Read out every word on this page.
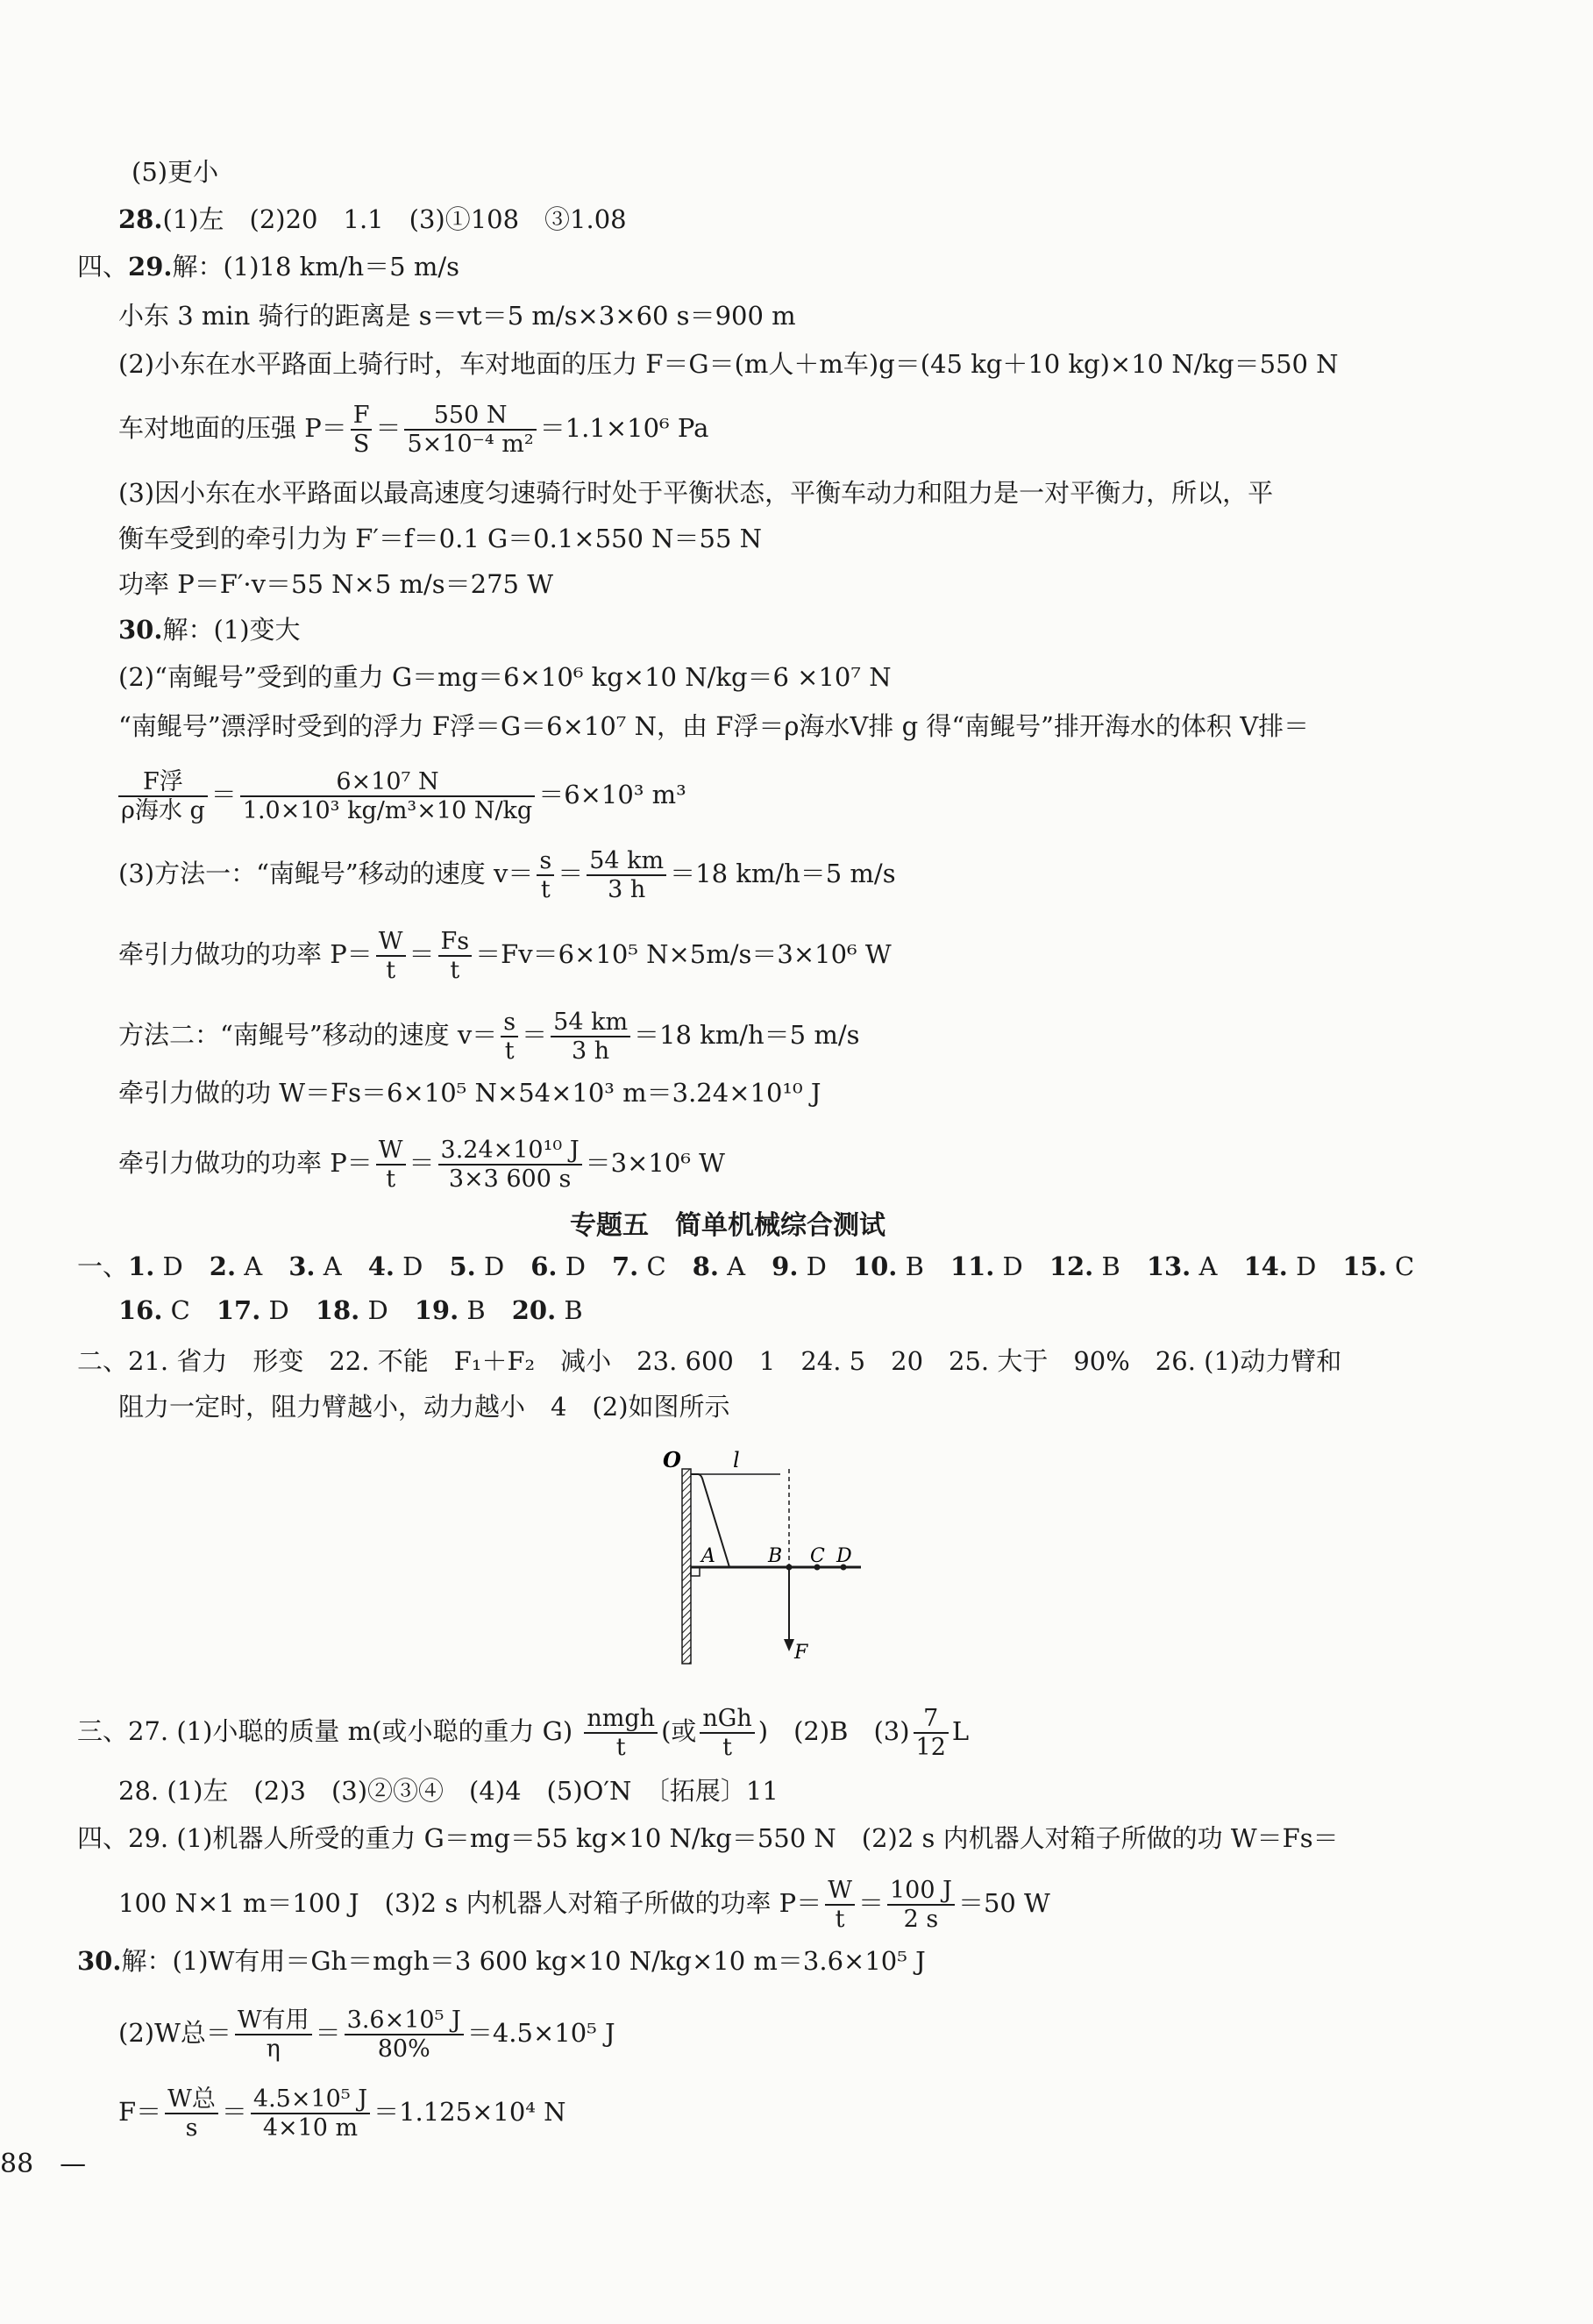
(5)更小
28.(1)左　(2)20　1.1　(3)①108　③1.08
四、29.解：(1)18 km/h＝5 m/s
小东 3 min 骑行的距离是 s＝vt＝5 m/s×3×60 s＝900 m
(2)小东在水平路面上骑行时，车对地面的压力 F＝G＝(m人＋m车)g＝(45 kg＋10 kg)×10 N/kg＝550 N
车对地面的压强 $P= \frac{F}{S} = \frac{550 N}{\text{5×10⁻⁴ m²}} =1.1\times 10^6$ Pa
(3)因小东在水平路面以最高速度匀速骑行时处于平衡状态，平衡车动力和阻力是一对平衡力，所以，平
衡车受到的牵引力为 F′＝f＝0.1 G＝0.1×550 N＝55 N
功率 P＝F′·v＝55 N×5 m/s＝275 W
30.解：(1)变大
(2)“南鲲号”受到的重力 G＝mg＝6×10⁶ kg×10 N/kg＝6 ×10⁷ N
“南鲲号”漂浮时受到的浮力 F浮＝G＝6×10⁷ N，由 F浮＝ρ海水V排 g 得“南鲲号”排开海水的体积 V排＝
$\frac{\text{F浮}}{\text{ρ海水 g}} = \frac{\text{6×10⁷ N}}{\text{1.0×10³ kg/m³×10 N/kg}} =6\times 10^3$ m³
(3)方法一：“南鲲号”移动的速度 $v= \frac{s}{t} = \frac{54 km}{3 h} =18$ km/h＝5 m/s
牵引力做功的功率 $P= \frac{W}{t} = \frac{Fs}{t} =Fv=6\times 10^5$ N×5m/s＝3×10⁶ W
方法二：“南鲲号”移动的速度 $v= \frac{s}{t} = \frac{54 km}{3 h} =18$ km/h＝5 m/s
牵引力做的功 W＝Fs＝6×10⁵ N×54×10³ m＝3.24×10¹⁰ J
牵引力做功的功率 $P= \frac{W}{t} = \frac{\text{3.24×10¹⁰ J}}{3\times 3 600 s} =3\times 10^6$ W
专题五　简单机械综合测试
一、1. D 2. A 3. A 4. D 5. D 6. D 7. C 8. A 9. D 10. B 11. D 12. B 13. A 14. D 15. C
16. C 17. D 18. D 19. B 20. B
二、21. 省力　形变　22. 不能　F₁＋F₂　减小　23. 600　1　24. 5　20　25. 大于　90%　26. (1)动力臂和
阻力一定时，阻力臂越小，动力越小　4　(2)如图所示
O l
A	B C D
F
三、27. (1)小聪的质量 m(或小聪的重力 $G) \frac{\text{nmgh}}{t}$ (或 $\frac{\text{nGh}}{t}$ )　(2)B　$(3) \frac{7}{12}$ L
28. (1)左　(2)3　(3)②③④　(4)4　(5)O′N　〔拓展〕11
四、29. (1)机器人所受的重力 G＝mg＝55 kg×10 N/kg＝550 N　(2)2 s 内机器人对箱子所做的功 W＝Fs＝
100 N×1 m＝100 J　(3)2 s 内机器人对箱子所做的功率 $P= \frac{W}{t} = \frac{100 J}{2 s} =50$ W
30.解：(1)W有用＝Gh＝mgh＝3 600 kg×10 N/kg×10 m＝3.6×10⁵ J
(2)W总＝ $\frac{\text{W有用}}{\eta} = \frac{\text{3.6×10⁵ J}}{80\%} =4.5\times 10^5$ J
$F= \frac{\text{W总}}{s} = \frac{\text{4.5×10⁵ J}}{4\times 10 m} =1.125\times 10^4$ N
88　—
